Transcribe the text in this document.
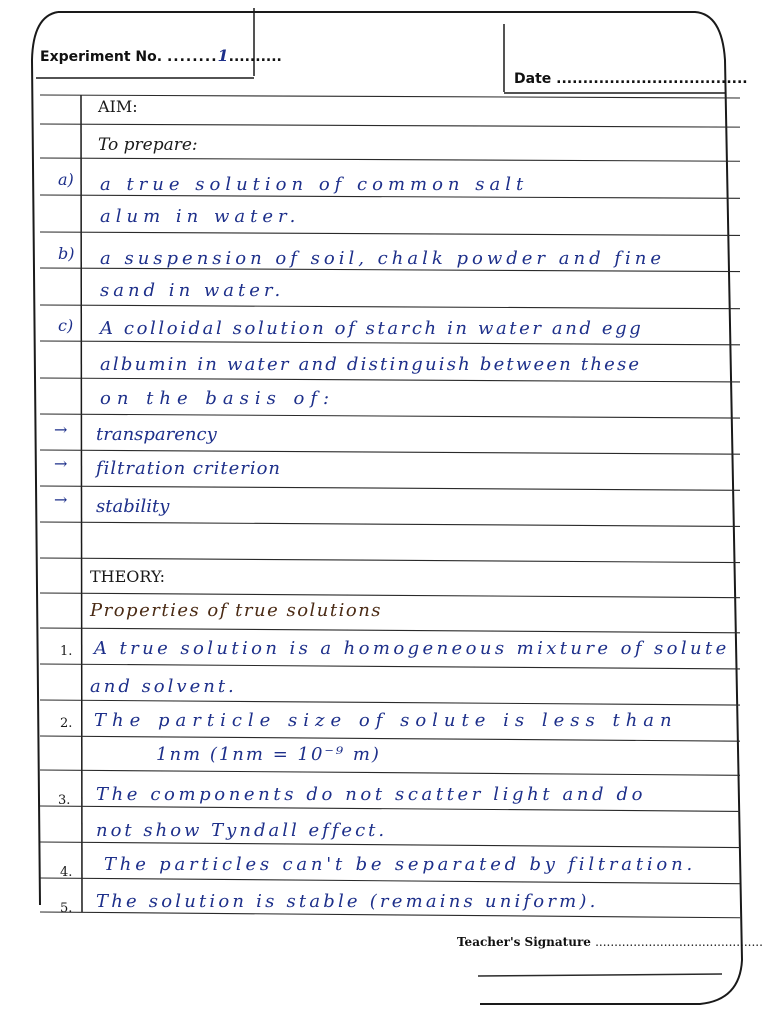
Experiment No. ........1..........
Date ....................................
AIM:
To prepare:
a) a true solution of common salt
alum in water.
b) a suspension of soil, chalk powder and fine
sand in water.
c) A colloidal solution of starch in water and egg
albumin in water and distinguish between these
on the basis of:
→ transparency
→ filtration criterion
→ stability
THEORY:
Properties of true solutions
1. A true solution is a homogeneous mixture of solute
and solvent.
2. The particle size of solute is less than
1nm (1nm = 10⁻⁹ m)
3. The components do not scatter light and do
not show Tyndall effect.
4. The particles can't be separated by filtration.
5. The solution is stable (remains uniform).
Teacher's Signature ............................................
